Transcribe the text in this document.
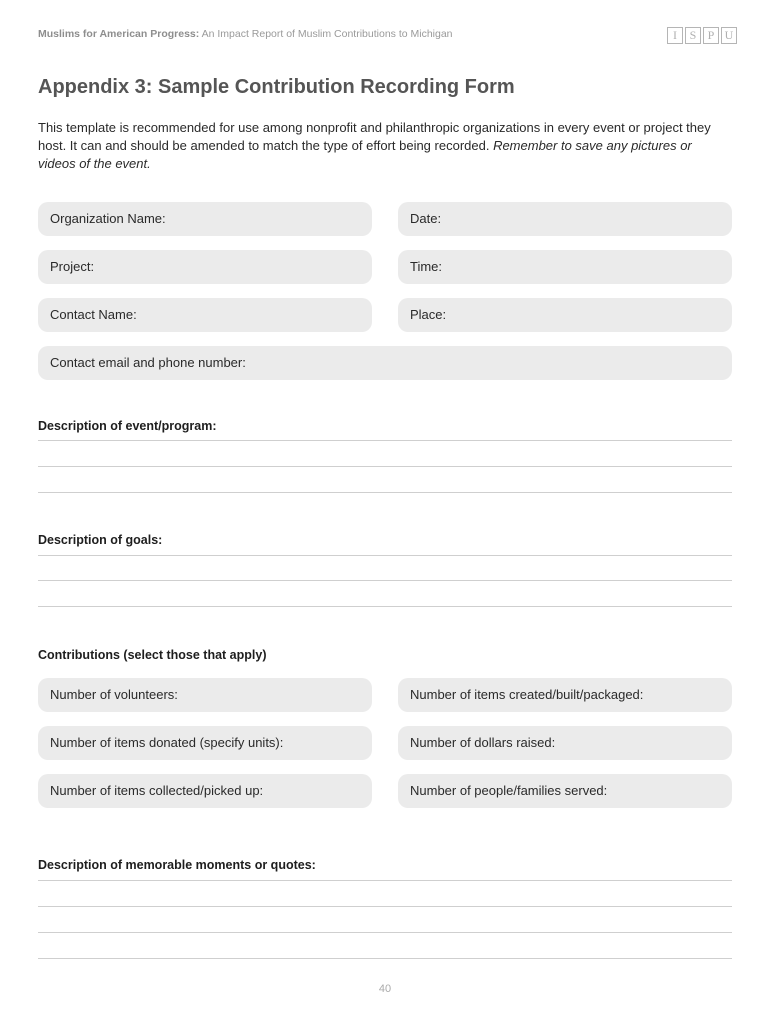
Muslims for American Progress: An Impact Report of Muslim Contributions to Michigan	I	S P U
Appendix 3: Sample Contribution Recording Form

This template is recommended for use among nonprofit and philanthropic organizations in every event or project they host. It can and should be amended to match the type of effort being recorded. Remember to save any pictures or videos of the event.

Organization Name:	Date:
Project:	Time:
Contact Name:	Place:
Contact email and phone number:
Description of event/program:
Description of goals:
Contributions (select those that apply)
Number of volunteers:	Number of items created/built/packaged:
Number of items donated (specify units):	Number of dollars raised:
Number of items collected/picked up:	Number of people/families served:
Description of memorable moments or quotes:
40
